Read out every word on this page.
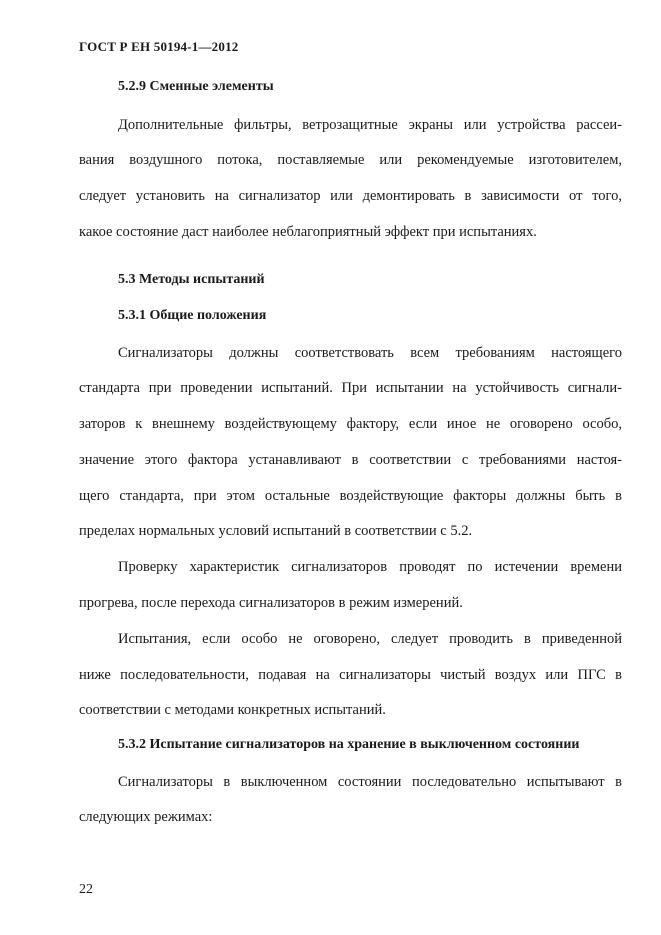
ГОСТ Р ЕН 50194-1—2012
5.2.9 Сменные элементы
Дополнительные фильтры, ветрозащитные экраны или устройства рассеи-
вания воздушного потока, поставляемые или рекомендуемые изготовителем,
следует установить на сигнализатор или демонтировать в зависимости от того,
какое состояние даст наиболее неблагоприятный эффект при испытаниях.
5.3 Методы испытаний
5.3.1 Общие положения
Сигнализаторы должны соответствовать всем требованиям настоящего
стандарта при проведении испытаний. При испытании на устойчивость сигнали-
заторов к внешнему воздействующему фактору, если иное не оговорено особо,
значение этого фактора устанавливают в соответствии с требованиями настоя-
щего стандарта, при этом остальные воздействующие факторы должны быть в
пределах нормальных условий испытаний в соответствии с 5.2.
Проверку характеристик сигнализаторов проводят по истечении времени
прогрева, после перехода сигнализаторов в режим измерений.
Испытания, если особо не оговорено, следует проводить в приведенной
ниже последовательности, подавая на сигнализаторы чистый воздух или ПГС в
соответствии с методами конкретных испытаний.
5.3.2 Испытание сигнализаторов на хранение в выключенном состоянии
Сигнализаторы в выключенном состоянии последовательно испытывают в
следующих режимах:
22
